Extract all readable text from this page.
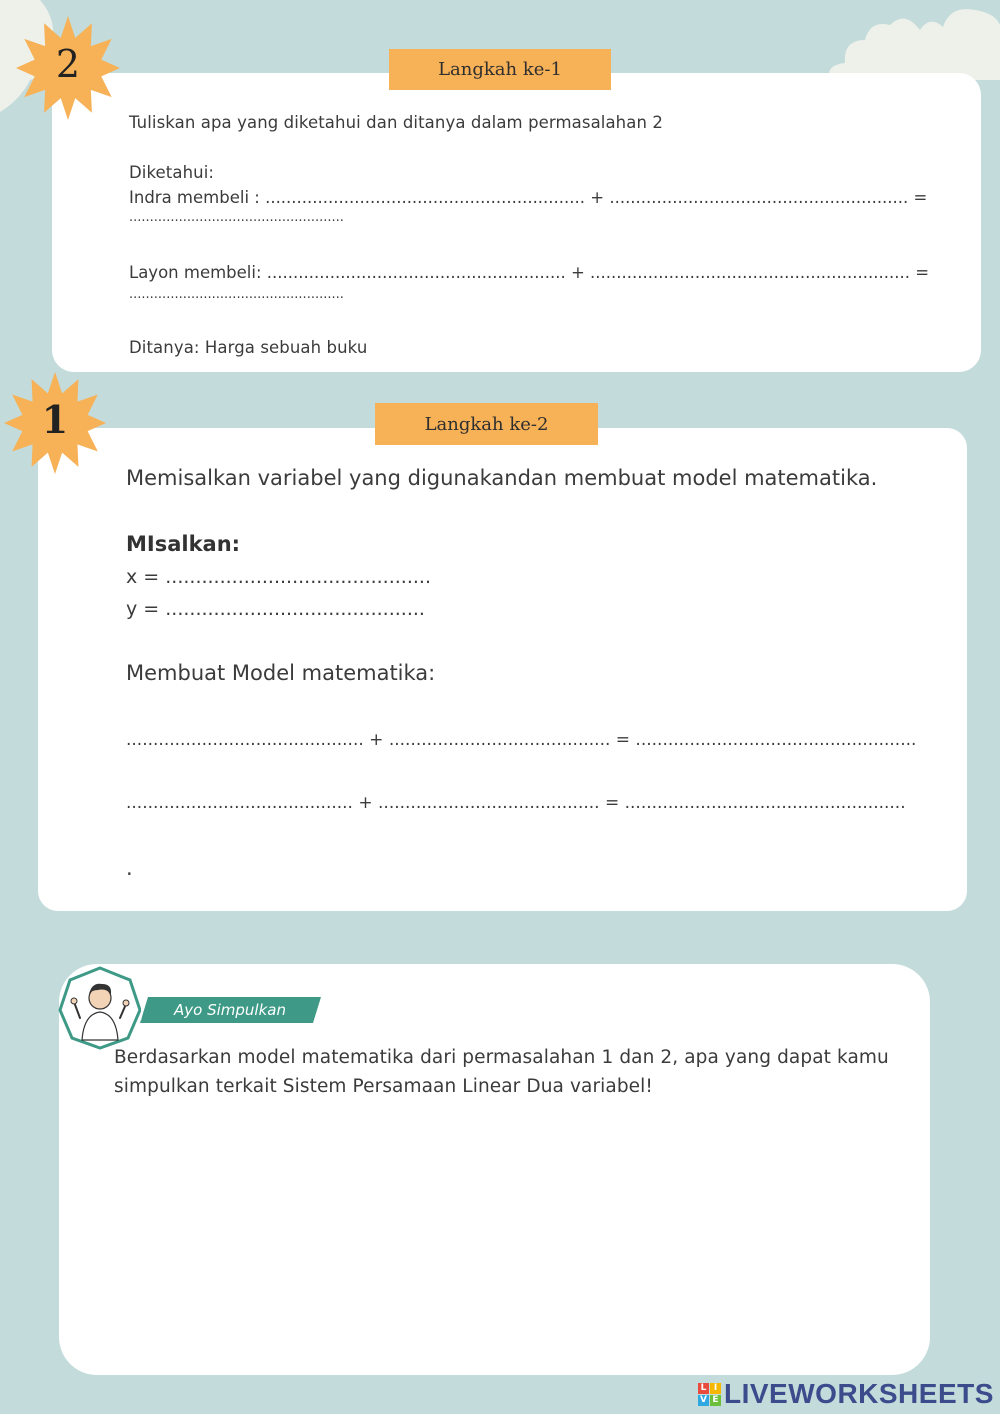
2	Langkah ke-1
Tuliskan apa yang diketahui dan ditanya dalam permasalahan 2
Diketahui:
Indra membeli : ............................................................. + ......................................................... =
....................................................
Layon membeli: ......................................................... + ............................................................. =
....................................................
Ditanya: Harga sebuah buku
1	Langkah ke-2
Memisalkan variabel yang digunakandan membuat model matematika.
MIsalkan:
x = ............................................
y = ...........................................
Membuat Model matematika:
............................................ + ......................................... = ....................................................
.......................................... + ......................................... = ....................................................
.
Ayo Simpulkan
Berdasarkan model matematika dari permasalahan 1 dan 2, apa yang dapat kamu
simpulkan terkait Sistem Persamaan Linear Dua variabel!
L I
V E LIVEWORKSHEETS
